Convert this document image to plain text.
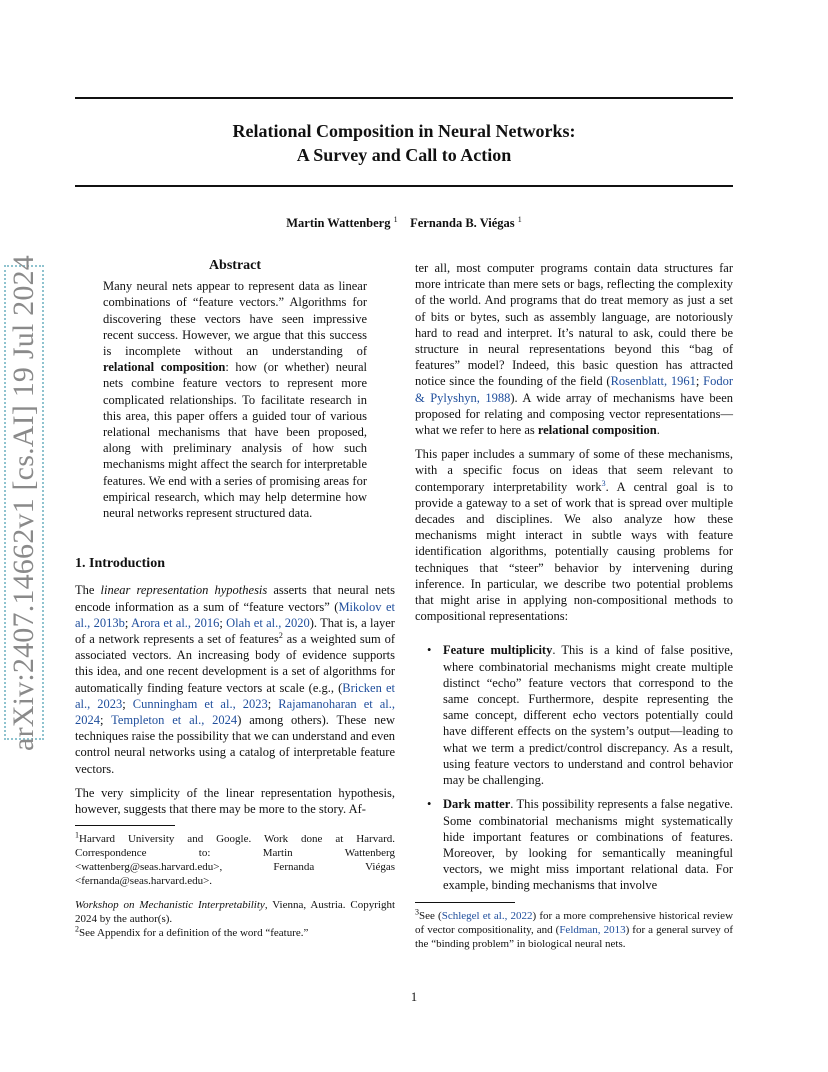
Relational Composition in Neural Networks:
A Survey and Call to Action
Martin Wattenberg $^1$ Fernanda B. Viégas $^1$
arXiv:2407.14662v1 [cs.AI] 19 Jul 2024	Abstract
Many neural nets appear to represent data as linear combinations of “feature vectors.” Algorithms for discovering these vectors have seen impressive recent success. However, we argue that this success is incomplete without an understanding of relational composition: how (or whether) neural nets combine feature vectors to represent more complicated relationships. To facilitate research in this area, this paper offers a guided tour of various relational mechanisms that have been proposed, along with preliminary analysis of how such mechanisms might affect the search for interpretable features. We end with a series of promising areas for empirical research, which may help determine how neural networks represent structured data.
1. Introduction

The linear representation hypothesis asserts that neural nets encode information as a sum of “feature vectors” (Mikolov et al., 2013b; Arora et al., 2016; Olah et al., 2020). That is, a layer of a network represents a set of features$^2$ as a weighted sum of associated vectors. An increasing body of evidence supports this idea, and one recent development is a set of algorithms for automatically finding feature vectors at scale (e.g., (Bricken et al., 2023; Cunningham et al., 2023; Rajamanoharan et al., 2024; Templeton et al., 2024) among others). These new techniques raise the possibility that we can understand and even control neural networks using a catalog of interpretable feature vectors.

The very simplicity of the linear representation hypothesis, however, suggests that there may be more to the story. Af-

$^1$Harvard University and Google. Work done at Harvard. Correspondence to: Martin Wattenberg <wattenberg@seas.harvard.edu>, Fernanda Viégas <fernanda@seas.harvard.edu>.

Workshop on Mechanistic Interpretability, Vienna, Austria. Copyright 2024 by the author(s).

$^2$See Appendix for a definition of the word “feature.”

ter all, most computer programs contain data structures far more intricate than mere sets or bags, reflecting the complexity of the world. And programs that do treat memory as just a set of bits or bytes, such as assembly language, are notoriously hard to read and interpret. It’s natural to ask, could there be structure in neural representations beyond this “bag of features” model? Indeed, this basic question has attracted notice since the founding of the field (Rosenblatt, 1961; Fodor & Pylyshyn, 1988). A wide array of mechanisms have been proposed for relating and composing vector representations—what we refer to here as relational composition.

This paper includes a summary of some of these mechanisms, with a specific focus on ideas that seem relevant to contemporary interpretability work$^3$. A central goal is to provide a gateway to a set of work that is spread over multiple decades and disciplines. We also analyze how these mechanisms might interact in subtle ways with feature identification algorithms, potentially causing problems for techniques that “steer” behavior by intervening during inference. In particular, we describe two potential problems that might arise in applying non-compositional methods to compositional representations:

• Feature multiplicity. This is a kind of false positive, where combinatorial mechanisms might create multiple distinct “echo” feature vectors that correspond to the same concept. Furthermore, despite representing the same concept, different echo vectors potentially could have different effects on the system’s output—leading to what we term a predict/control discrepancy. As a result, using feature vectors to understand and control behavior may be challenging.
• Dark matter. This possibility represents a false negative. Some combinatorial mechanisms might systematically hide important features or combinations of features. Moreover, by looking for semantically meaningful vectors, we might miss important relational data. For example, binding mechanisms that involve

$^3$See (Schlegel et al., 2022) for a more comprehensive historical review of vector compositionality, and (Feldman, 2013) for a general survey of the “binding problem” in biological neural nets.

1
